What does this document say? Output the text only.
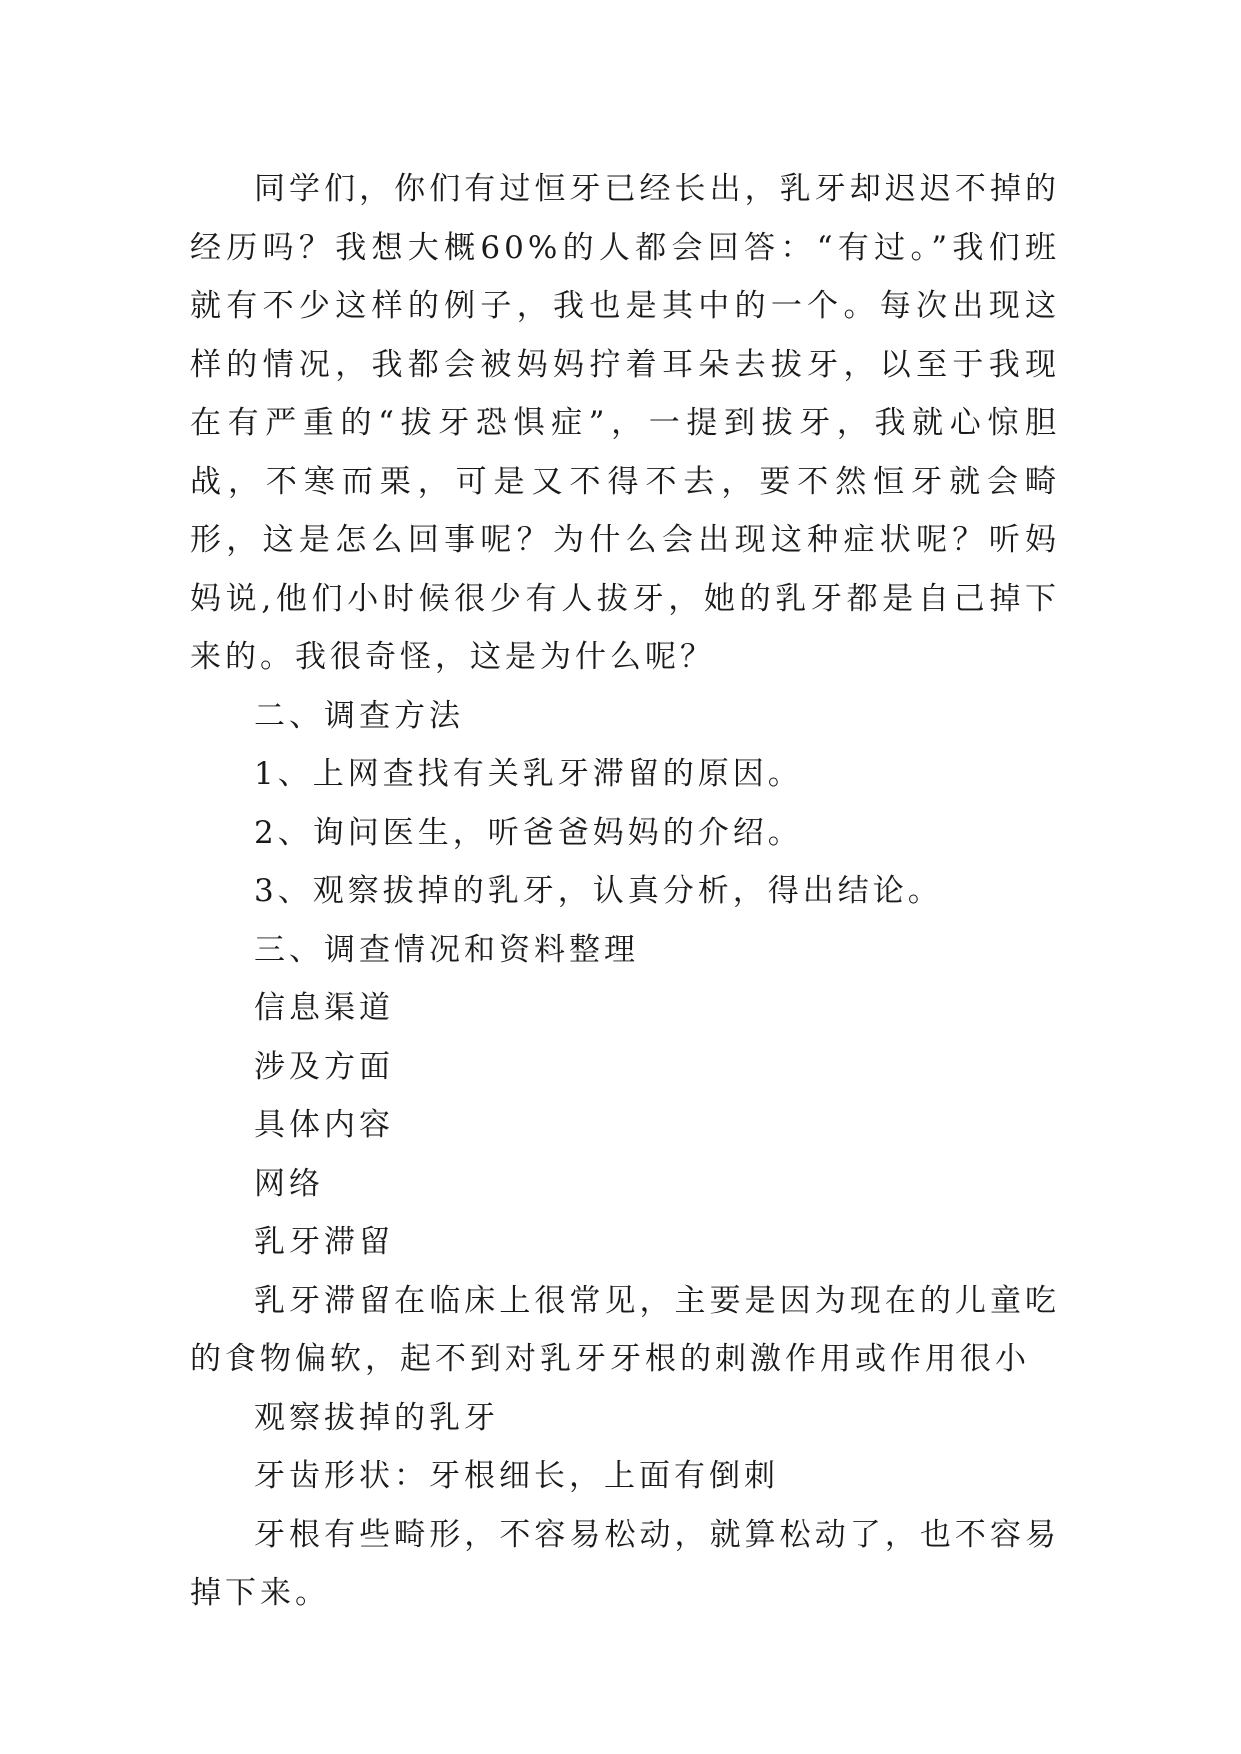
同学们，你们有过恒牙已经长出，乳牙却迟迟不掉的经历吗？我想大概60%的人都会回答：“有过。”我们班就有不少这样的例子，我也是其中的一个。每次出现这样的情况，我都会被妈妈拧着耳朵去拔牙，以至于我现在有严重的“拔牙恐惧症”，一提到拔牙，我就心惊胆战，不寒而栗，可是又不得不去，要不然恒牙就会畸形，这是怎么回事呢？为什么会出现这种症状呢？听妈妈说,他们小时候很少有人拔牙，她的乳牙都是自己掉下来的。我很奇怪，这是为什么呢？

二、调查方法

1、上网查找有关乳牙滞留的原因。

2、询问医生，听爸爸妈妈的介绍。

3、观察拔掉的乳牙，认真分析，得出结论。

三、调查情况和资料整理

信息渠道

涉及方面

具体内容

网络

乳牙滞留

乳牙滞留在临床上很常见，主要是因为现在的儿童吃的食物偏软，起不到对乳牙牙根的刺激作用或作用很小

观察拔掉的乳牙

牙齿形状：牙根细长，上面有倒刺

牙根有些畸形，不容易松动，就算松动了，也不容易掉下来。
